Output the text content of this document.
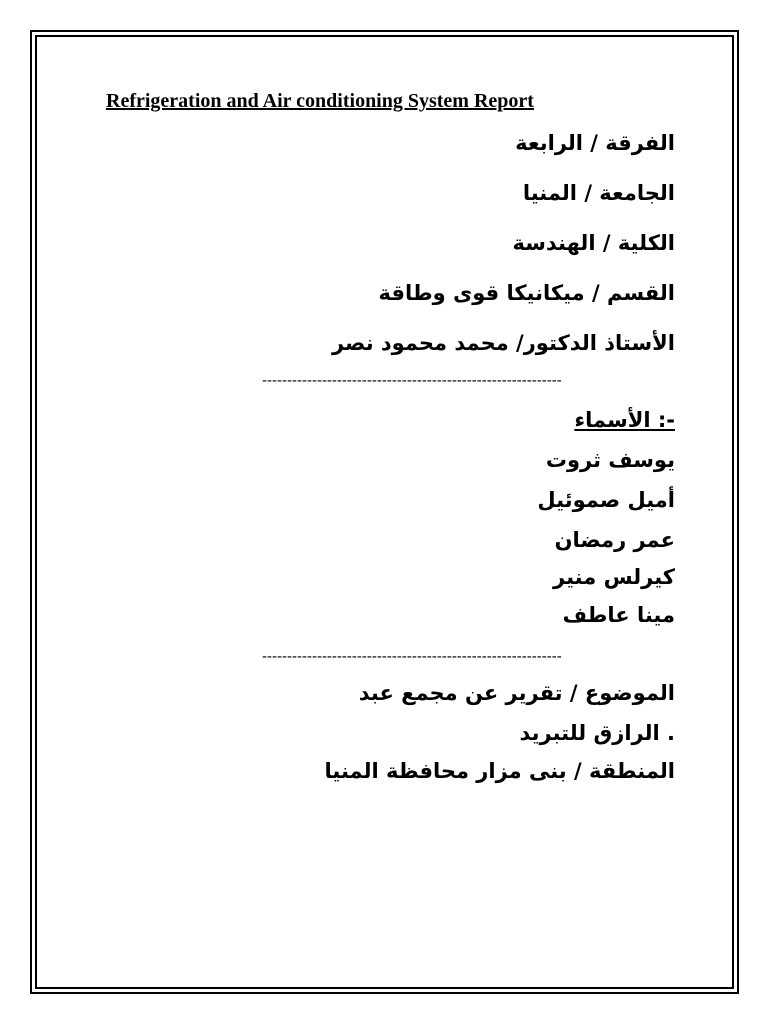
Refrigeration and Air conditioning System Report
الفرقة / الرابعة
الجامعة / المنيا
الكلية / الهندسة
القسم / ميكانيكا قوى وطاقة
الأستاذ الدكتور/ محمد محمود نصر
------------------------------------------------------------
-: الأسماء
يوسف ثروت
أميل صموئيل
عمر رمضان
كيرلس منير
مينا عاطف
------------------------------------------------------------
الموضوع / تقرير عن مجمع عبد
. الرازق للتبريد
المنطقة / بنى مزار محافظة المنيا
